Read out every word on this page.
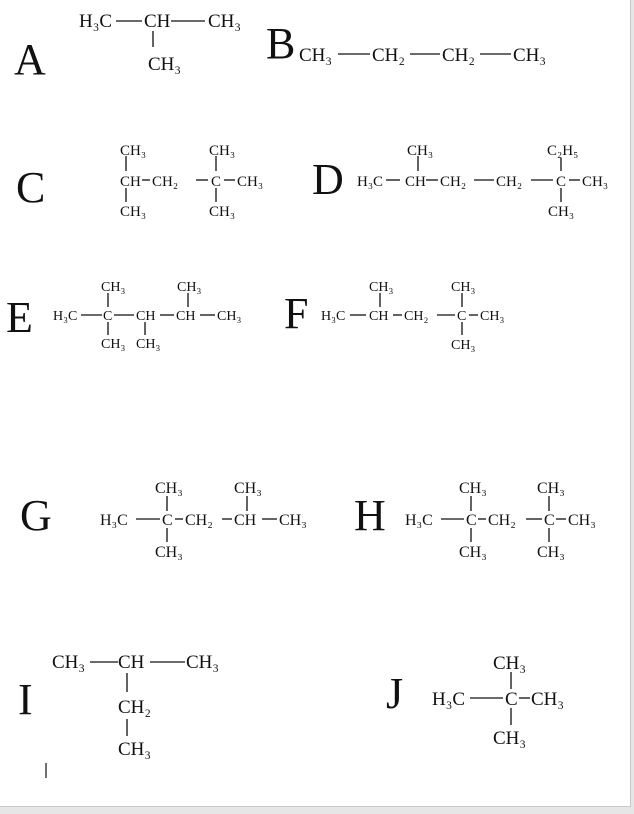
H₃C CH CH₃
CH₃	CH₃ CH₂ CH₂ CH₃
CH₃	CH₃
CH CH₂ C CH₃
CH₃	CH₃
CH₃	C₂H₅
H₃C CH CH₂ CH₂ C CH₃
CH₃
CH₃	CH₃
H₃C C CH CH CH₃
CH₃ CH₃
CH₃	CH₃
H₃C CH CH₂ C CH₃
CH₃
CH₃	CH₃
H₃C C CH₂ CH CH₃
CH₃
CH₃	CH₃
H₃C C CH₂ C CH₃
CH₃	CH₃
CH₃ CH CH₃
CH₂
CH₃
CH₃
H₃C C CH₃
CH₃
A	B
C	D
E	F
G	H
I	J
